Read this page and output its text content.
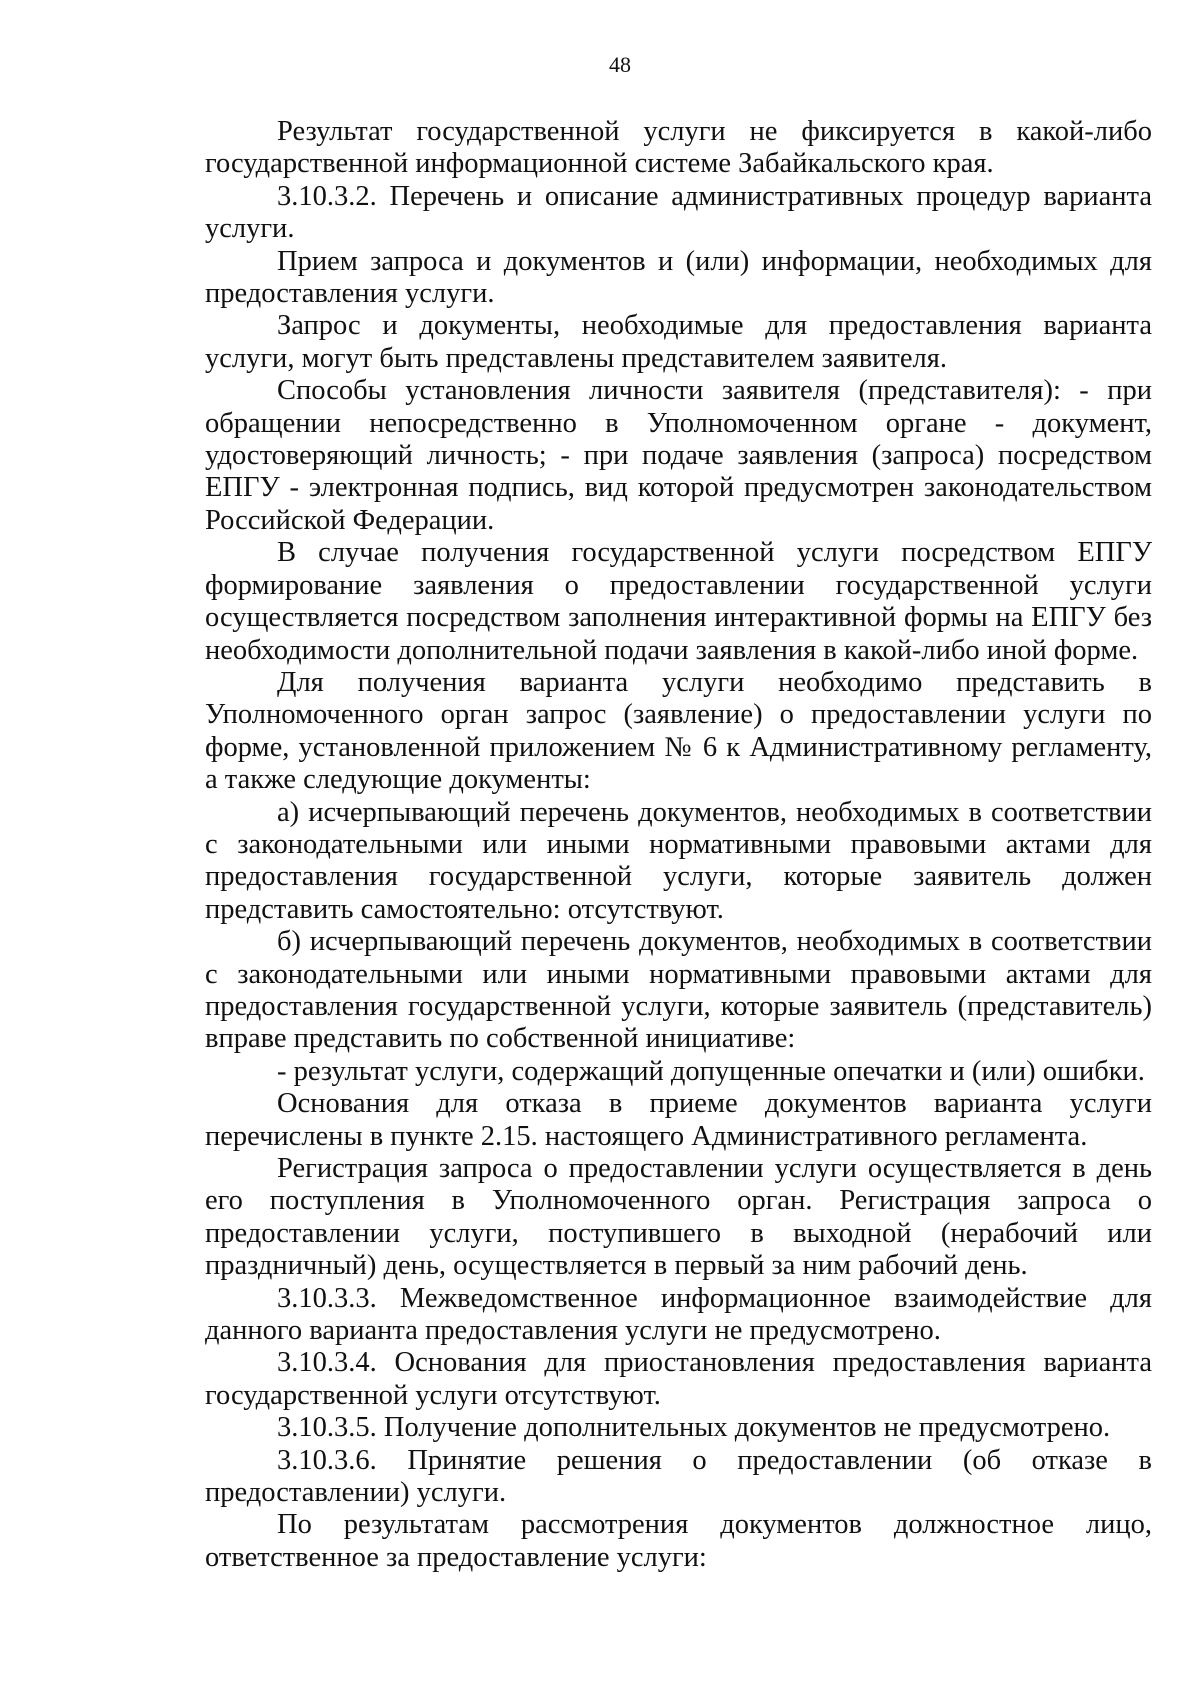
48

Результат государственной услуги не фиксируется в какой-либо государственной информационной системе Забайкальского края.

3.10.3.2. Перечень и описание административных процедур варианта услуги.

Прием запроса и документов и (или) информации, необходимых для предоставления услуги.

Запрос и документы, необходимые для предоставления варианта услуги, могут быть представлены представителем заявителя.

Способы установления личности заявителя (представителя): - при обращении непосредственно в Уполномоченном органе - документ, удостоверяющий личность; - при подаче заявления (запроса) посредством ЕПГУ - электронная подпись, вид которой предусмотрен законодательством Российской Федерации.

В случае получения государственной услуги посредством ЕПГУ формирование заявления о предоставлении государственной услуги осуществляется посредством заполнения интерактивной формы на ЕПГУ без необходимости дополнительной подачи заявления в какой-либо иной форме.

Для получения варианта услуги необходимо представить в Уполномоченного орган запрос (заявление) о предоставлении услуги по форме, установленной приложением № 6 к Административному регламенту, а также следующие документы:

а) исчерпывающий перечень документов, необходимых в соответствии с законодательными или иными нормативными правовыми актами для предоставления государственной услуги, которые заявитель должен представить самостоятельно: отсутствуют.

б) исчерпывающий перечень документов, необходимых в соответствии с законодательными или иными нормативными правовыми актами для предоставления государственной услуги, которые заявитель (представитель) вправе представить по собственной инициативе:

- результат услуги, содержащий допущенные опечатки и (или) ошибки.

Основания для отказа в приеме документов варианта услуги перечислены в пункте 2.15. настоящего Административного регламента.

Регистрация запроса о предоставлении услуги осуществляется в день его поступления в Уполномоченного орган. Регистрация запроса о предоставлении услуги, поступившего в выходной (нерабочий или праздничный) день, осуществляется в первый за ним рабочий день.

3.10.3.3. Межведомственное информационное взаимодействие для данного варианта предоставления услуги не предусмотрено.

3.10.3.4. Основания для приостановления предоставления варианта государственной услуги отсутствуют.

3.10.3.5. Получение дополнительных документов не предусмотрено.

3.10.3.6. Принятие решения о предоставлении (об отказе в предоставлении) услуги.

По результатам рассмотрения документов должностное лицо, ответственное за предоставление услуги:
